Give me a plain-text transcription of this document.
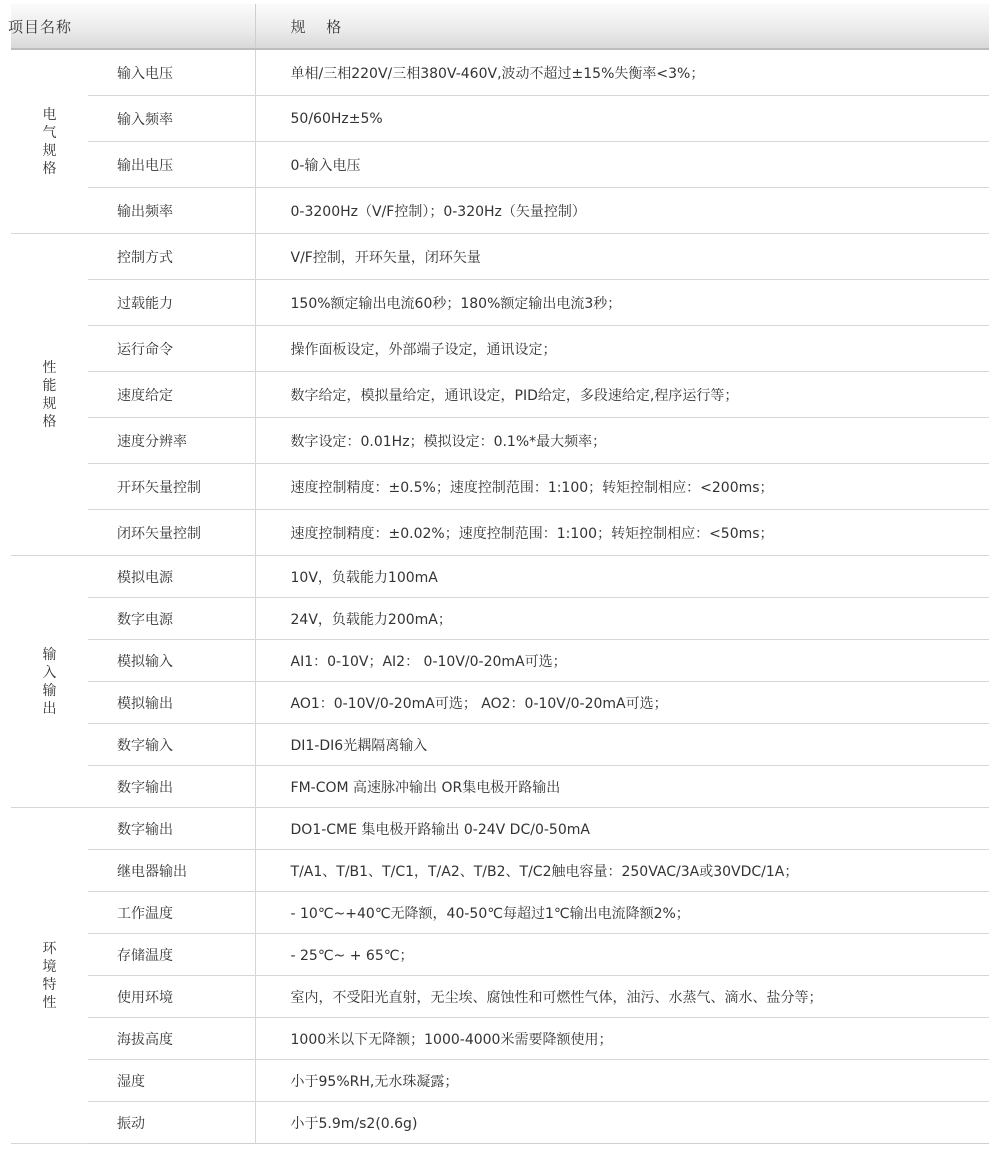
项目名称		规 格
电气规格	输入电压	单相/三相220V/三相380V-460V,波动不超过±15%失衡率<3%；
	输入频率	50/60Hz±5%
	输出电压	0-输入电压
	输出频率	0-3200Hz（V/F控制）；0-320Hz（矢量控制）
性能规格	控制方式	V/F控制，开环矢量，闭环矢量
	过载能力	150%额定输出电流60秒；180%额定输出电流3秒；
	运行命令	操作面板设定，外部端子设定，通讯设定；
	速度给定	数字给定，模拟量给定，通讯设定，PID给定，多段速给定,程序运行等；
	速度分辨率	数字设定：0.01Hz；模拟设定：0.1%*最大频率；
	开环矢量控制	速度控制精度：±0.5%；速度控制范围：1:100；转矩控制相应：<200ms；
	闭环矢量控制	速度控制精度：±0.02%；速度控制范围：1:100；转矩控制相应：<50ms；
输入输出	模拟电源	10V，负载能力100mA
	数字电源	24V，负载能力200mA；
	模拟输入	AI1：0-10V；AI2： 0-10V/0-20mA可选；
	模拟输出	AO1：0-10V/0-20mA可选； AO2：0-10V/0-20mA可选；
	数字输入	DI1-DI6光耦隔离输入
	数字输出	FM-COM 高速脉冲输出 OR集电极开路输出
环境特性	数字输出	DO1-CME 集电极开路输出 0-24V DC/0-50mA
	继电器输出	T/A1、T/B1、T/C1，T/A2、T/B2、T/C2触电容量：250VAC/3A或30VDC/1A；
	工作温度	- 10℃~+40℃无降额，40-50℃每超过1℃输出电流降额2%；
	存储温度	- 25℃~ + 65℃；
	使用环境	室内，不受阳光直射，无尘埃、腐蚀性和可燃性气体，油污、水蒸气、滴水、盐分等；
	海拔高度	1000米以下无降额；1000-4000米需要降额使用；
	湿度	小于95%RH,无水珠凝露；
	振动	小于5.9m/s2(0.6g)
